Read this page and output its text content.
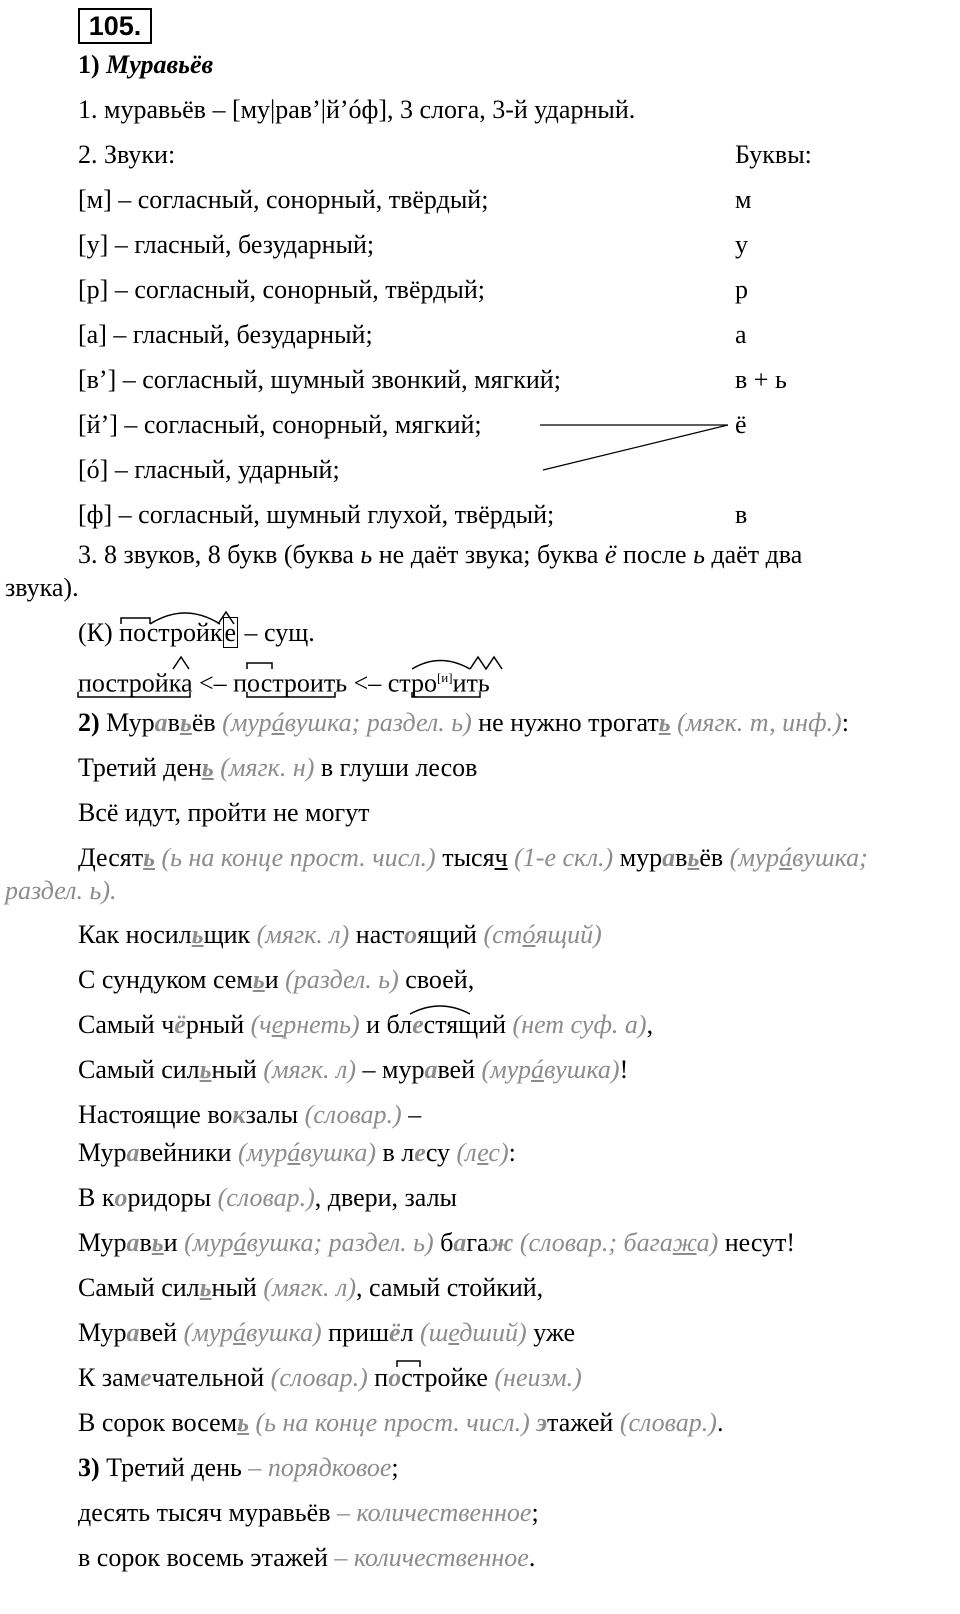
105.
1) Муравьёв
1. муравьёв – [му|рав’|й’óф], 3 слога, 3-й ударный.
2. Звуки:	Буквы:
[м] – согласный, сонорный, твёрдый;	м
[у] – гласный, безударный;	у
[р] – согласный, сонорный, твёрдый;	р
[а] – гласный, безударный;	а
[в’] – согласный, шумный звонкий, мягкий;	в + ь
[й’] – согласный, сонорный, мягкий;	ё
[ó] – гласный, ударный;
[ф] – согласный, шумный глухой, твёрдый;	в
3. 8 звуков, 8 букв (буква ь не даёт звука; буква ё после ь даёт два
звука).
(К) постройке – сущ.
постройка <– построить <– стро[и]ить
2) Муравьёв (мурáвушка; раздел. ь) не нужно трогать (мягк. т, инф.):
Третий день (мягк. н) в глуши лесов
Всё идут, пройти не могут
Десять (ь на конце прост. числ.) тысяч (1-е скл.) муравьёв (мурáвушка;
раздел. ь).
Как носильщик (мягк. л) настоящий (стóящий)
С сундуком семьи (раздел. ь) своей,
Самый чёрный (чернеть) и блестящий (нет суф. а),
Самый сильный (мягк. л) – муравей (мурáвушка)!
Настоящие вокзалы (словар.) –
Муравейники (мурáвушка) в лесу (лес):
В коридоры (словар.), двери, залы
Муравьи (мурáвушка; раздел. ь) багаж (словар.; багажа) несут!
Самый сильный (мягк. л), самый стойкий,
Муравей (мурáвушка) пришёл (шедший) уже
К замечательной (словар.) постройке (неизм.)
В сорок восемь (ь на конце прост. числ.) этажей (словар.).
3) Третий день – порядковое;
десять тысяч муравьёв – количественное;
в сорок восемь этажей – количественное.
